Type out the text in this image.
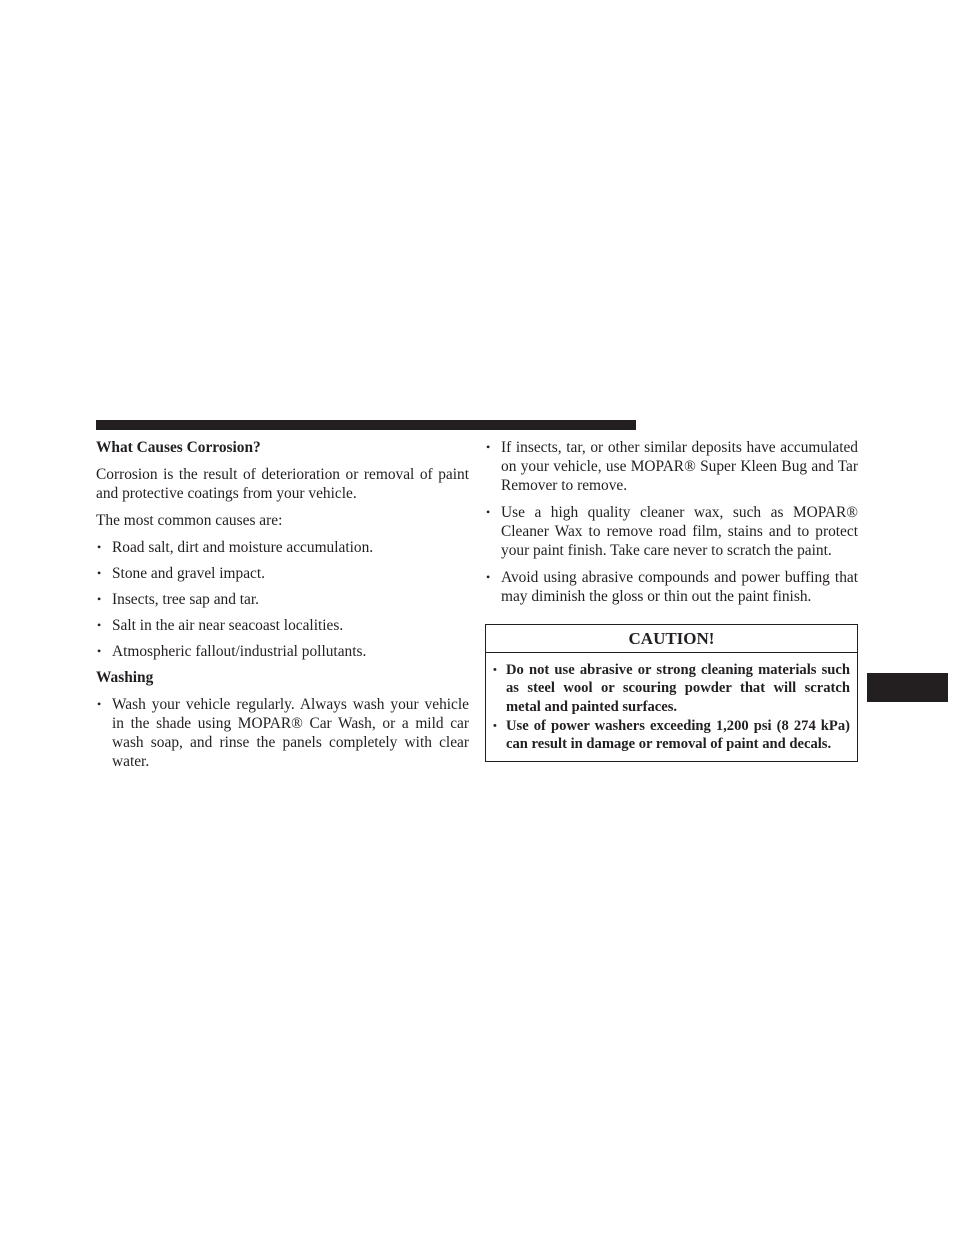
What Causes Corrosion?
Corrosion is the result of deterioration or removal of paint and protective coatings from your vehicle.
The most common causes are:
• Road salt, dirt and moisture accumulation.
• Stone and gravel impact.
• Insects, tree sap and tar.
• Salt in the air near seacoast localities.
• Atmospheric fallout/industrial pollutants.
Washing
• Wash your vehicle regularly. Always wash your vehicle in the shade using MOPAR® Car Wash, or a mild car wash soap, and rinse the panels completely with clear water.
• If insects, tar, or other similar deposits have accumulated on your vehicle, use MOPAR® Super Kleen Bug and Tar Remover to remove.
• Use a high quality cleaner wax, such as MOPAR® Cleaner Wax to remove road film, stains and to protect your paint finish. Take care never to scratch the paint.
• Avoid using abrasive compounds and power buffing that may diminish the gloss or thin out the paint finish.
CAUTION!
• Do not use abrasive or strong cleaning materials such as steel wool or scouring powder that will scratch metal and painted surfaces.
• Use of power washers exceeding 1,200 psi (8 274 kPa) can result in damage or removal of paint and decals.
